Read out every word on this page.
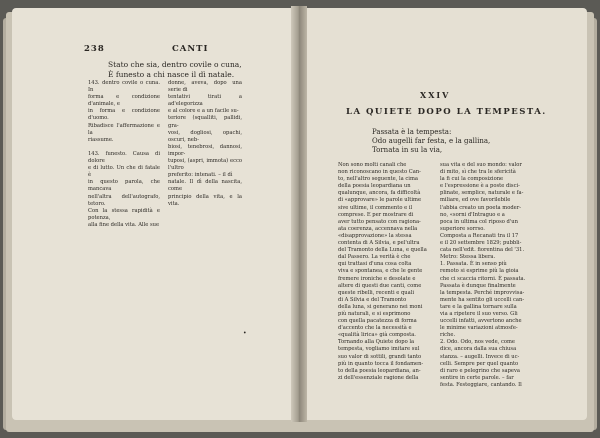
238	CANTI
Stato che sia, dentro covile o cuna,
È funesto a chi nasce il dì natale.
143. dentro covile o cuna. In
forma e condizione d'animale, e
in forma e condizione d'uomo.
Ribadisce l'affermazione e la
riassume.

143. funesto. Causa di dolore
e di lutto. Un che di fatale è
in questo parola, che mancava
nell'altra dell'autografo, tetoro.
Con la stessa rapidità e potenza,
alla fine della vita. Alle sue
donne, aveva, dopo una serie di
tentativi tirati a ad'elegorizza
e al colore e a un facile su-
teriore (squalliti, pallidi, gra-
vosi, dogliosi, opachi, oscuri, neb-
biosi, tenebrosi, dannosi, impor-
tuposi, (aspri, immota) ecco l'ultro
preferito: intenati. – il dì
natale. Il dì della nascita, come
principio della vita, e la vita.
•
XXIV
LA QUIETE DOPO LA TEMPESTA.
Passata è la tempesta:
Odo augelli far festa, e la gallina,
Tornata in su la via,
Non sono molti canali che
non riconoscano in questo Can-
to, nell'altro seguente, la cima
della poesia leopardiana un
qualunque, ancora, fa difficoltà
di «approvare» le parole ultime
sive ultime, il commento e il
comprese. E per mostrare di
aver tutto pensato con ragiona-
ata coerenza, accennava nella
«disapprovazione» la stessa
contenta di A Silvia, e pel'ultra
del Tramonto della Luna, e quella
dal Passero. La verità è che
qui trattasi d'una cosa colta
viva e spontanea, e che le gente
fremere ironiche e desolate e
altere di questi due canti, come
queste ribelli, recenti e quali
di A Silvia e del Tramonto
della luna, si generano nei moni
più naturali, e si esprimono
con quella pacatezza di forma
d'accento che la necessità e
«qualità lirica» già composta.
Tornando alla Quiete dopo la
tempesta, vogliamo imitare sul
suo valor di sottili, grandi tanto
più in quanto tocca il fondamen-
to della poesia leopardiana, an-
zi dell'essenziale ragione della
sua vita e del suo mondo: valor
di mito, sì che tra le sfericità
la fi cui la composizione
e l'espressione è a poste disci-
plinate, semplice, naturale e fa-
miliare, ed ove favorilebile
l'abbia creato un poeta moder-
no, «sorni d'Intraguo e a
poca in ultima col riposo d'un
superiore sorrso.
Composta a Recanati tra il 17
e il 20 settembre 1829; pubbli-
cata nell'edit. fiorentina del '31.
Metro: Stessa libera.
1. Passata. È in senso più
remoto si esprime più la gioia
che ci scaccia ritorni. È passata.
Passata è dunque finalmente
la tempesta. Perché improvvisa-
mente ha sentito gli uccelli can-
tare e la gallina tornare sulla
via a ripetere il suo verso. Gli
uccelli infatti, avvertono anche
le minime variazioni atmosfe-
riche.
2. Odo. Odo, nos vede, come
dice, ancora dalla sua chiusa
stanza. – augelli. Invece di uc-
celli. Sempre per quel quanto
di raro e pelegrino che sapeva
sentire in certe parole. – far
festa. Festeggiare, cantando. Il
